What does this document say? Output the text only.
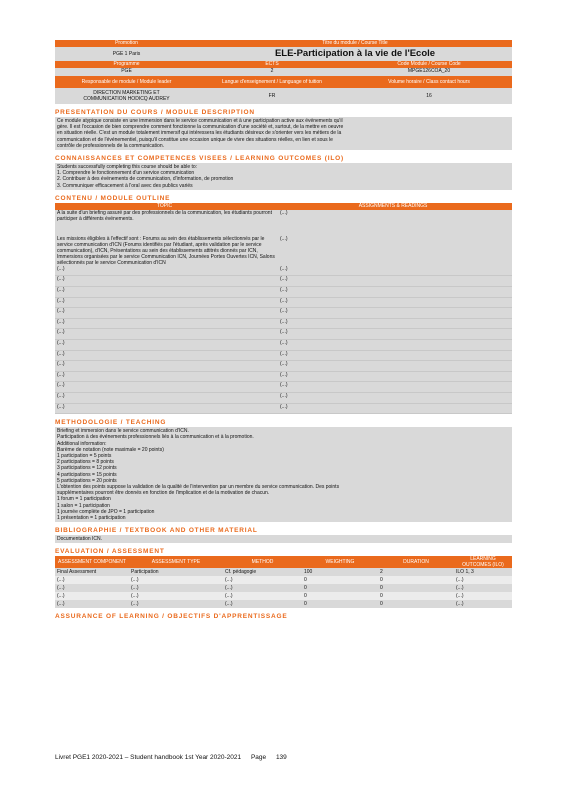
Promotion	Titre du module / Course Title
PGE 1 Paris	ELE-Participation à la vie de l'Ecole
Programme	ECTS	Code Module / Course Code
PGE	2	MPGE126COA_20
Responsable de module / Module leader	Langue d'enseignement / Language of tuition	Volume horaire / Class contact hours
DIRECTION MARKETING ET
COMMUNICATION HODICQ AUDREY	FR	16
PRESENTATION DU COURS / MODULE DESCRIPTION
Ce module atypique consiste en une immersion dans le service communication et à une participation active aux événements qu'il
gère. Il est l'occasion de bien comprendre comment fonctionne la communication d'une société et, surtout, de la mettre en oeuvre
en situation réelle. C'est un module totalement immersif qui intéressera les étudiants désireux de s'orienter vers les métiers de la
communication et de l'événementiel, puisqu'il constitue une occasion unique de vivre des situations réelles, en lien et sous le
contrôle de professionnels de la communication.
CONNAISSANCES ET COMPETENCES VISEES / LEARNING OUTCOMES (ILO)
Students successfully completing this course should be able to:
1. Comprendre le fonctionnement d'un service communication
2. Contribuer à des événements de communication, d'information, de promotion
3. Communiquer efficacement à l'oral avec des publics variés
CONTENU / MODULE OUTLINE
TOPIC	ASSIGNMENTS & READINGS
A la suite d'un briefing assuré par des professionnels de la communication, les étudiants pourront participer à différents événements.	(...)
Les missions éligibles à l'effectif sont : Forums au sein des établissements sélectionnés par le service communication d'ICN (Forums identifiés par l'étudiant, après validation par le service communication), d'ICN, Présentations au sein des établissements attitrés dionnés par ICN, Immersions organisées par le service Communication ICN, Journées Portes Ouvertes ICN, Salons sélectionnés par le service Communication d'ICN	(...)
(...)	(...)
(...)	(...)
(...)	(...)
(...)	(...)
(...)	(...)
(...)	(...)
(...)	(...)
(...)	(...)
(...)	(...)
(...)	(...)
(...)	(...)
(...)	(...)
(...)	(...)
(...)	(...)
METHODOLOGIE / TEACHING
Briefing et immersion dans le service communication d'ICN.
Participation à des événements professionnels liés à la communication et à la promotion.
Additional information:
Barème de notation (note maximale = 20 points)
1 participation = 5 points
2 participations = 8 points
3 participations = 12 points
4 participations = 15 points
5 participations = 20 points
L'obtention des points suppose la validation de la qualité de l'intervention par un membre du service communication. Des points
supplémentaires pourront être donnés en fonction de l'implication et de la motivation de chacun.
1 forum = 1 participation
1 salon = 1 participation
1 journée complète de JPO = 1 participation
1 présentation = 1 participation
BIBLIOGRAPHIE / TEXTBOOK AND OTHER MATERIAL
Documentation ICN.
EVALUATION / ASSESSMENT
ASSESSMENT COMPONENT	ASSESSMENT TYPE	METHOD	WEIGHTING	DURATION	LEARNING OUTCOMES (ILO)
Final Assessment	Participation	Cf. pédagogie	100	2	ILO 1, 3
(...)	(...)	(...)	0	0	(...)
(...)	(...)	(...)	0	0	(...)
(...)	(...)	(...)	0	0	(...)
(...)	(...)	(...)	0	0	(...)
ASSURANCE OF LEARNING / OBJECTIFS D'APPRENTISSAGE
Livret PGE1 2020-2021 – Student handbook 1st Year 2020-2021 Page 139
